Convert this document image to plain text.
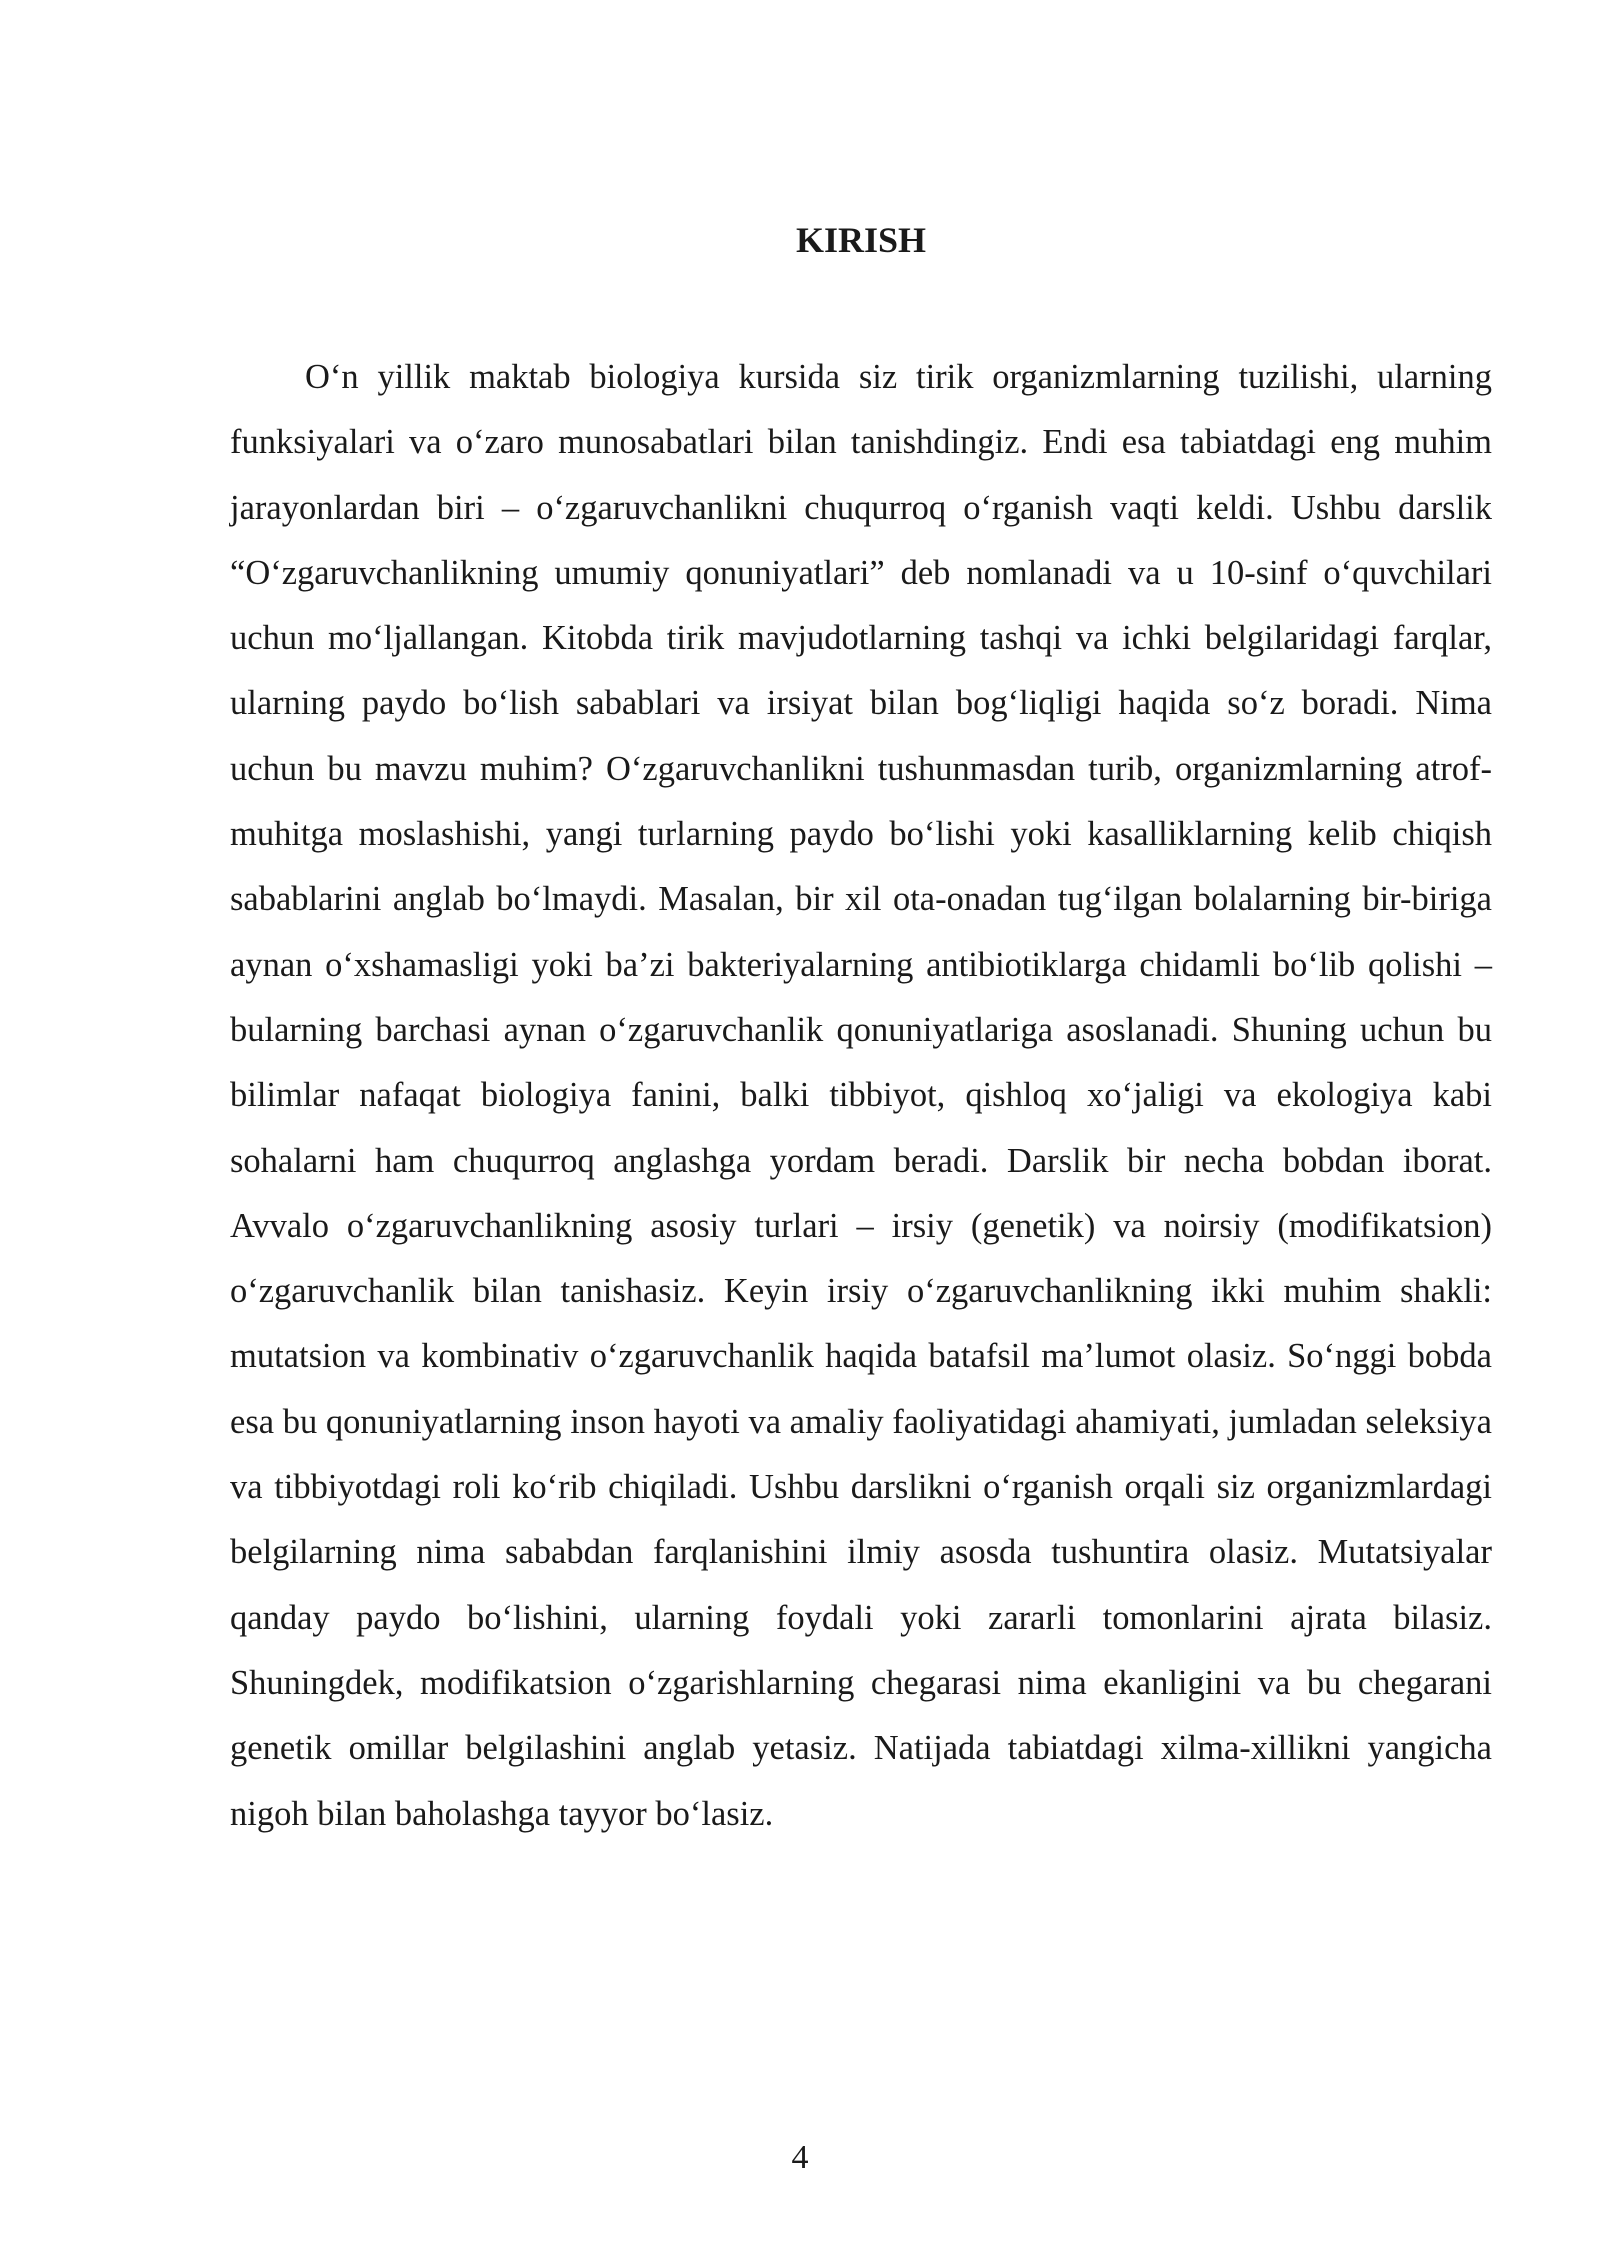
KIRISH

O‘n yillik maktab biologiya kursida siz tirik organizmlarning tuzilishi, ularning funksiyalari va o‘zaro munosabatlari bilan tanishdingiz. Endi esa tabiatdagi eng muhim jarayonlardan biri – o‘zgaruvchanlikni chuqurroq o‘rganish vaqti keldi. Ushbu darslik “O‘zgaruvchanlikning umumiy qonuniyatlari” deb nomlanadi va u 10-sinf o‘quvchilari uchun mo‘ljallangan. Kitobda tirik mavjudotlarning tashqi va ichki belgilaridagi farqlar, ularning paydo bo‘lish sabablari va irsiyat bilan bog‘liqligi haqida so‘z boradi. Nima uchun bu mavzu muhim? O‘zgaruvchanlikni tushunmasdan turib, organizmlarning atrof-muhitga moslashishi, yangi turlarning paydo bo‘lishi yoki kasalliklarning kelib chiqish sabablarini anglab bo‘lmaydi. Masalan, bir xil ota-onadan tug‘ilgan bolalarning bir-biriga aynan o‘xshamasligi yoki ba’zi bakteriyalarning antibiotiklarga chidamli bo‘lib qolishi – bularning barchasi aynan o‘zgaruvchanlik qonuniyatlariga asoslanadi. Shuning uchun bu bilimlar nafaqat biologiya fanini, balki tibbiyot, qishloq xo‘jaligi va ekologiya kabi sohalarni ham chuqurroq anglashga yordam beradi. Darslik bir necha bobdan iborat. Avvalo o‘zgaruvchanlikning asosiy turlari – irsiy (genetik) va noirsiy (modifikatsion) o‘zgaruvchanlik bilan tanishasiz. Keyin irsiy o‘zgaruvchanlikning ikki muhim shakli: mutatsion va kombinativ o‘zgaruvchanlik haqida batafsil ma’lumot olasiz. So‘nggi bobda esa bu qonuniyatlarning inson hayoti va amaliy faoliyatidagi ahamiyati, jumladan seleksiya va tibbiyotdagi roli ko‘rib chiqiladi. Ushbu darslikni o‘rganish orqali siz organizmlardagi belgilarning nima sababdan farqlanishini ilmiy asosda tushuntira olasiz. Mutatsiyalar qanday paydo bo‘lishini, ularning foydali yoki zararli tomonlarini ajrata bilasiz. Shuningdek, modifikatsion o‘zgarishlarning chegarasi nima ekanligini va bu chegarani genetik omillar belgilashini anglab yetasiz. Natijada tabiatdagi xilma-xillikni yangicha nigoh bilan baholashga tayyor bo‘lasiz.

4
